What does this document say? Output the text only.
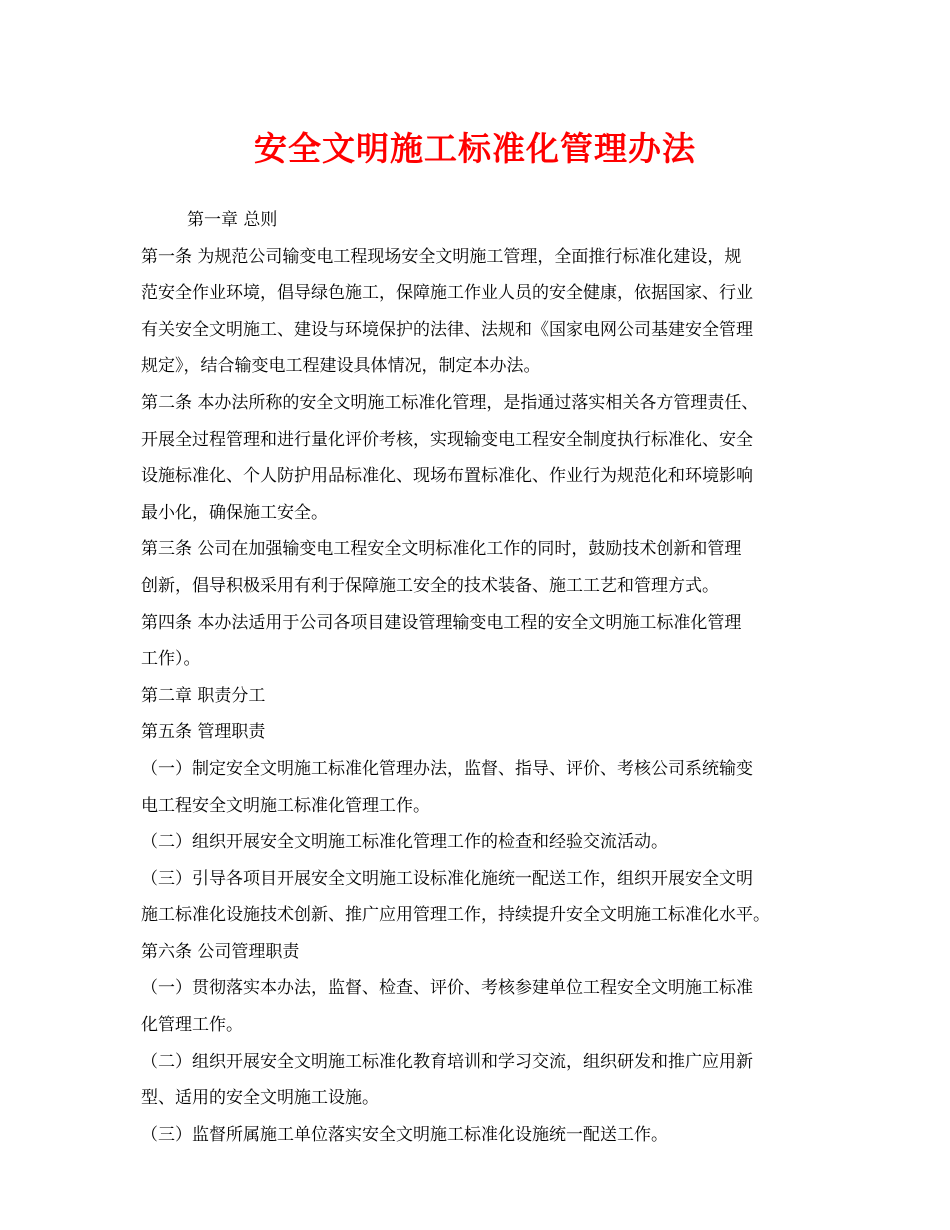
安全文明施工标准化管理办法
第一章 总则
第一条 为规范公司输变电工程现场安全文明施工管理，全面推行标准化建设，规
范安全作业环境，倡导绿色施工，保障施工作业人员的安全健康，依据国家、行业
有关安全文明施工、建设与环境保护的法律、法规和《国家电网公司基建安全管理
规定》，结合输变电工程建设具体情况，制定本办法。
第二条 本办法所称的安全文明施工标准化管理，是指通过落实相关各方管理责任、
开展全过程管理和进行量化评价考核，实现输变电工程安全制度执行标准化、安全
设施标准化、个人防护用品标准化、现场布置标准化、作业行为规范化和环境影响
最小化，确保施工安全。
第三条 公司在加强输变电工程安全文明标准化工作的同时，鼓励技术创新和管理
创新，倡导积极采用有利于保障施工安全的技术装备、施工工艺和管理方式。
第四条 本办法适用于公司各项目建设管理输变电工程的安全文明施工标准化管理
工作）。
第二章 职责分工
第五条 管理职责
（一）制定安全文明施工标准化管理办法，监督、指导、评价、考核公司系统输变
电工程安全文明施工标准化管理工作。
（二）组织开展安全文明施工标准化管理工作的检查和经验交流活动。
（三）引导各项目开展安全文明施工设标准化施统一配送工作，组织开展安全文明
施工标准化设施技术创新、推广应用管理工作，持续提升安全文明施工标准化水平。
第六条 公司管理职责
（一）贯彻落实本办法，监督、检查、评价、考核参建单位工程安全文明施工标准
化管理工作。
（二）组织开展安全文明施工标准化教育培训和学习交流，组织研发和推广应用新
型、适用的安全文明施工设施。
（三）监督所属施工单位落实安全文明施工标准化设施统一配送工作。
